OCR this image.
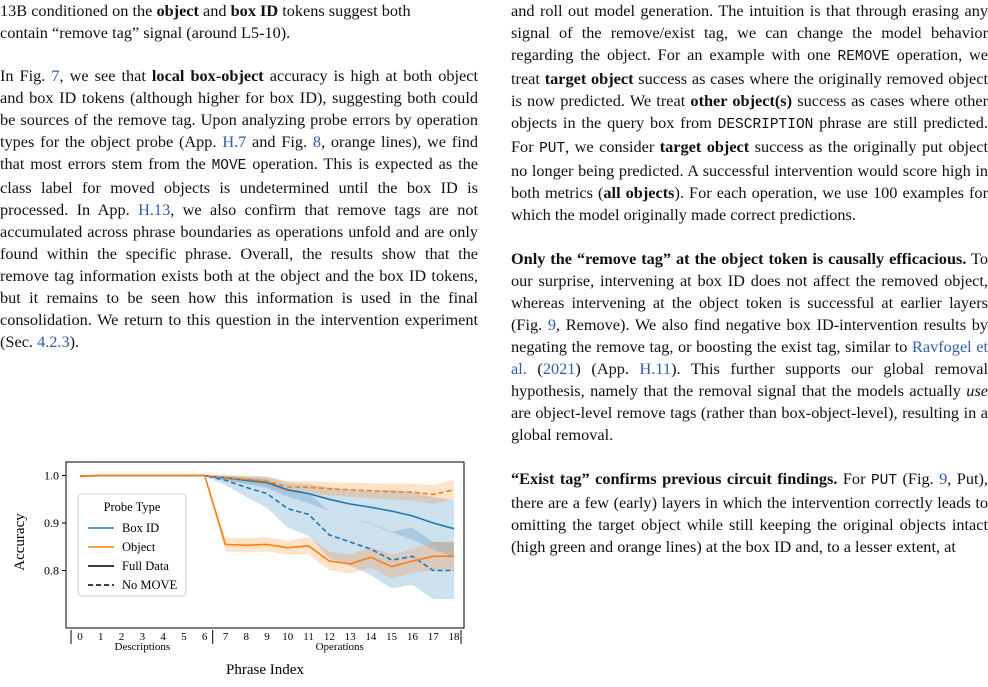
13B conditioned on the object and box ID tokens suggest both
contain “remove tag” signal (around L5-10).
In Fig. 7, we see that local box-object accuracy is high at both object and box ID tokens (although higher for box ID), suggesting both could be sources of the remove tag. Upon analyzing probe errors by operation types for the object probe (App. H.7 and Fig. 8, orange lines), we find that most errors stem from the MOVE operation. This is expected as the class label for moved objects is undetermined until the box ID is processed. In App. H.13, we also confirm that remove tags are not accumulated across phrase boundaries as operations unfold and are only found within the specific phrase. Overall, the results show that the remove tag information exists both at the object and the box ID tokens, but it remains to be seen how this information is used in the final consolidation. We return to this question in the intervention experiment (Sec. 4.2.3).
and roll out model generation. The intuition is that through erasing any signal of the remove/exist tag, we can change the model behavior regarding the object. For an example with one REMOVE operation, we treat target object success as cases where the originally removed object is now predicted. We treat other object(s) success as cases where other objects in the query box from DESCRIPTION phrase are still predicted. For PUT, we consider target object success as the originally put object no longer being predicted. A successful intervention would score high in both metrics (all objects). For each operation, we use 100 examples for which the model originally made correct predictions.
Only the “remove tag” at the object token is causally efficacious. To our surprise, intervening at box ID does not affect the removed object, whereas intervening at the object token is successful at earlier layers (Fig. 9, Remove). We also find negative box ID-intervention results by negating the remove tag, or boosting the exist tag, similar to Ravfogel et al. (2021) (App. H.11). This further supports our global removal hypothesis, namely that the removal signal that the models actually use are object-level remove tags (rather than box-object-level), resulting in a global removal.
“Exist tag” confirms previous circuit findings. For PUT (Fig. 9, Put), there are a few (early) layers in which the intervention correctly leads to omitting the target object while still keeping the original objects intact (high green and orange lines) at the box ID and, to a lesser extent, at
0.8
0.9
1.0
Accuracy
0 1 2 3 4 5 6 7 8 9 10 11 12 13 14 15 16 17 18
Descriptions	Operations
Phrase Index
Probe Type
Box ID
Object
Full Data
No MOVE
